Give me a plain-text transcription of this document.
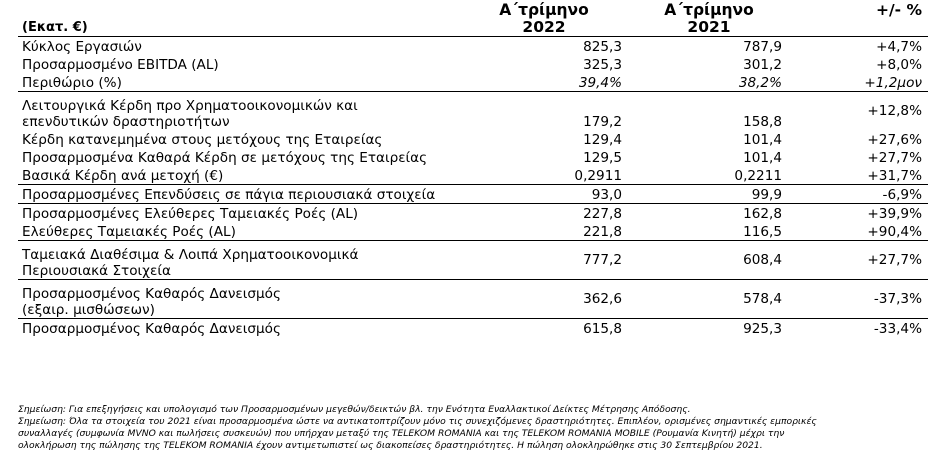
	Α΄τρίμηνο	Α΄τρίμηνο	+/- %
(Εκατ. €)	2022	2021	
Κύκλος Εργασιών	825,3	787,9	+4,7%
Προσαρμοσμένο EBITDA (AL)	325,3	301,2	+8,0%
Περιθώριο (%)	39,4%	38,2%	+1,2μον

Λειτουργικά Κέρδη προ Χρηματοοικονομικών και
επενδυτικών δραστηριοτήτων	179,2	158,8	+12,8%
Κέρδη κατανεμημένα στους μετόχους της Εταιρείας	129,4	101,4	+27,6%
Προσαρμοσμένα Καθαρά Κέρδη σε μετόχους της Εταιρείας	129,5	101,4	+27,7%
Βασικά Κέρδη ανά μετοχή (€)	0,2911	0,2211	+31,7%
Προσαρμοσμένες Επενδύσεις σε πάγια περιουσιακά στοιχεία	93,0	99,9	-6,9%
Προσαρμοσμένες Ελεύθερες Ταμειακές Ροές (AL)	227,8	162,8	+39,9%
Ελεύθερες Ταμειακές Ροές (AL)	221,8	116,5	+90,4%

Ταμειακά Διαθέσιμα & Λοιπά Χρηματοοικονομικά
Περιουσιακά Στοιχεία	777,2	608,4	+27,7%

Προσαρμοσμένος Καθαρός Δανεισμός
(εξαιρ. μισθώσεων)	362,6	578,4	-37,3%
Προσαρμοσμένος Καθαρός Δανεισμός	615,8	925,3	-33,4%
Σημείωση: Για επεξηγήσεις και υπολογισμό των Προσαρμοσμένων μεγεθών/δεικτών βλ. την Ενότητα Εναλλακτικοί Δείκτες Μέτρησης Απόδοσης.
Σημείωση: Όλα τα στοιχεία του 2021 είναι προσαρμοσμένα ώστε να αντικατοπτρίζουν μόνο τις συνεχιζόμενες δραστηριότητες. Επιπλέον, ορισμένες σημαντικές εμπορικές
συναλλαγές (συμφωνία MVNO και πωλήσεις συσκευών) που υπήρχαν μεταξύ της TELEKOM ROMANIA και της TELEKOM ROMANIA MOBILE (Ρουμανία Κινητή) μέχρι την
ολοκλήρωση της πώλησης της TELEKOM ROMANIA έχουν αντιμετωπιστεί ως διακοπείσες δραστηριότητες. Η πώληση ολοκληρώθηκε στις 30 Σεπτεμβρίου 2021.
